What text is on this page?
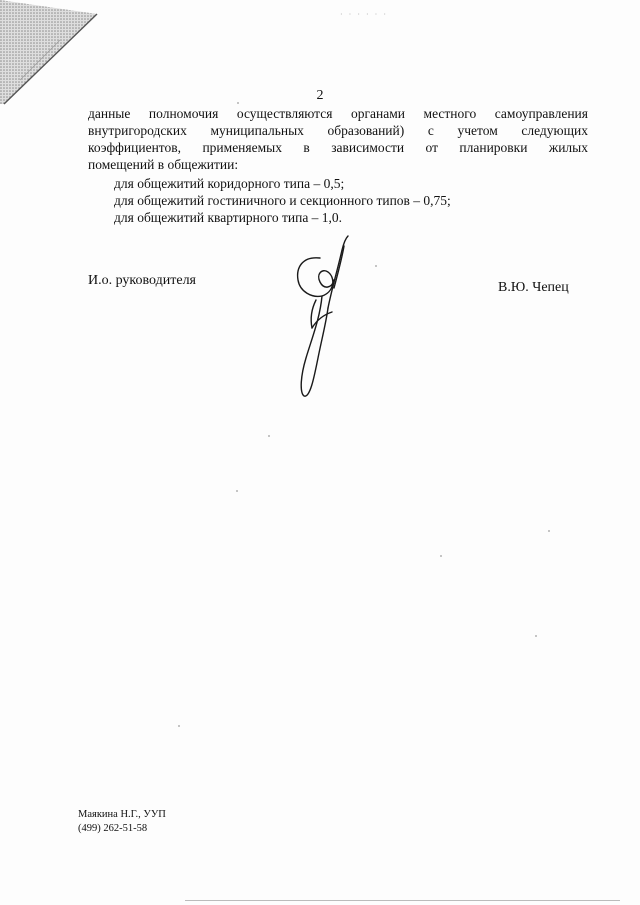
· · · · · ·
2
данные полномочия осуществляются органами местного самоуправления
внутригородских муниципальных образований) с учетом следующих
коэффициентов, применяемых в зависимости от планировки жилых
помещений в общежитии:
для общежитий коридорного типа – 0,5;
для общежитий гостиничного и секционного типов – 0,75;
для общежитий квартирного типа – 1,0.
И.о. руководителя	В.Ю. Чепец
Маякина Н.Г., УУП
(499) 262-51-58
